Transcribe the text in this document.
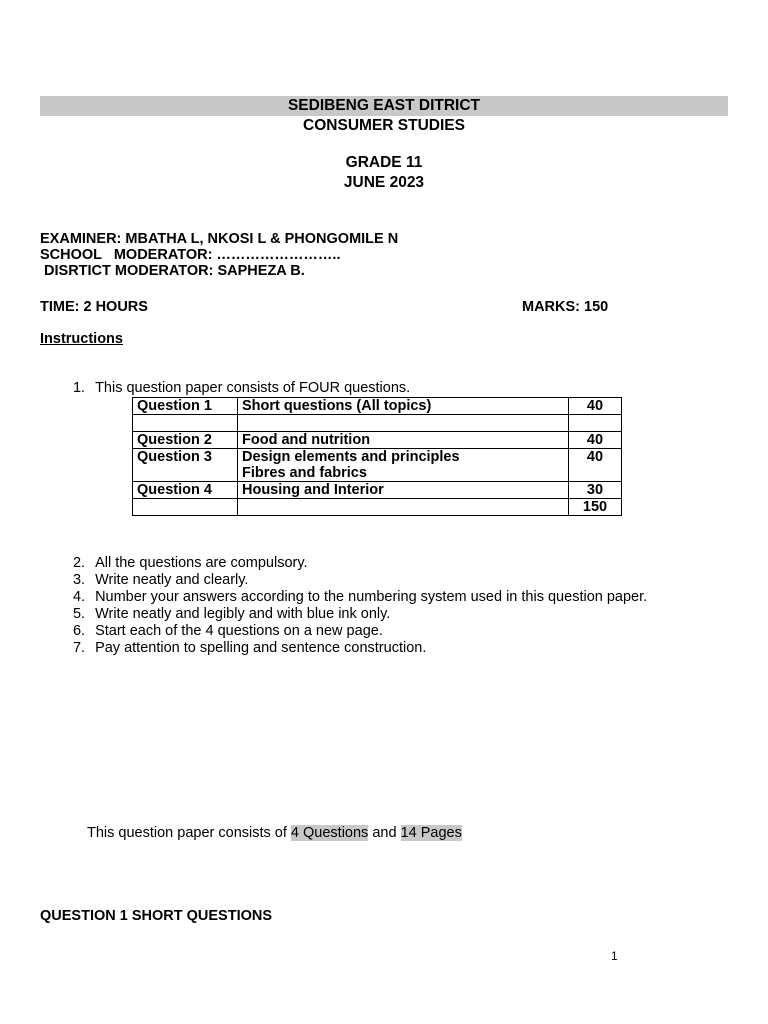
SEDIBENG EAST DITRICT
CONSUMER STUDIES
GRADE 11
JUNE 2023
EXAMINER: MBATHA L, NKOSI L & PHONGOMILE N
SCHOOL   MODERATOR: ……………………..
DISRTICT MODERATOR: SAPHEZA B.
TIME: 2 HOURS	MARKS: 150
Instructions

1. This question paper consists of FOUR questions.

Question 1	Short questions (All topics)	40

Question 2	Food and nutrition	40
Question 3	Design elements and principles
Fibres and fabrics	40
Question 4	Housing and Interior	30
		150

2. All the questions are compulsory.

3. Write neatly and clearly.

4. Number your answers according to the numbering system used in this question paper.

5. Write neatly and legibly and with blue ink only.

6. Start each of the 4 questions on a new page.

7. Pay attention to spelling and sentence construction.

This question paper consists of 4 Questions and 14 Pages
QUESTION 1 SHORT QUESTIONS
1
